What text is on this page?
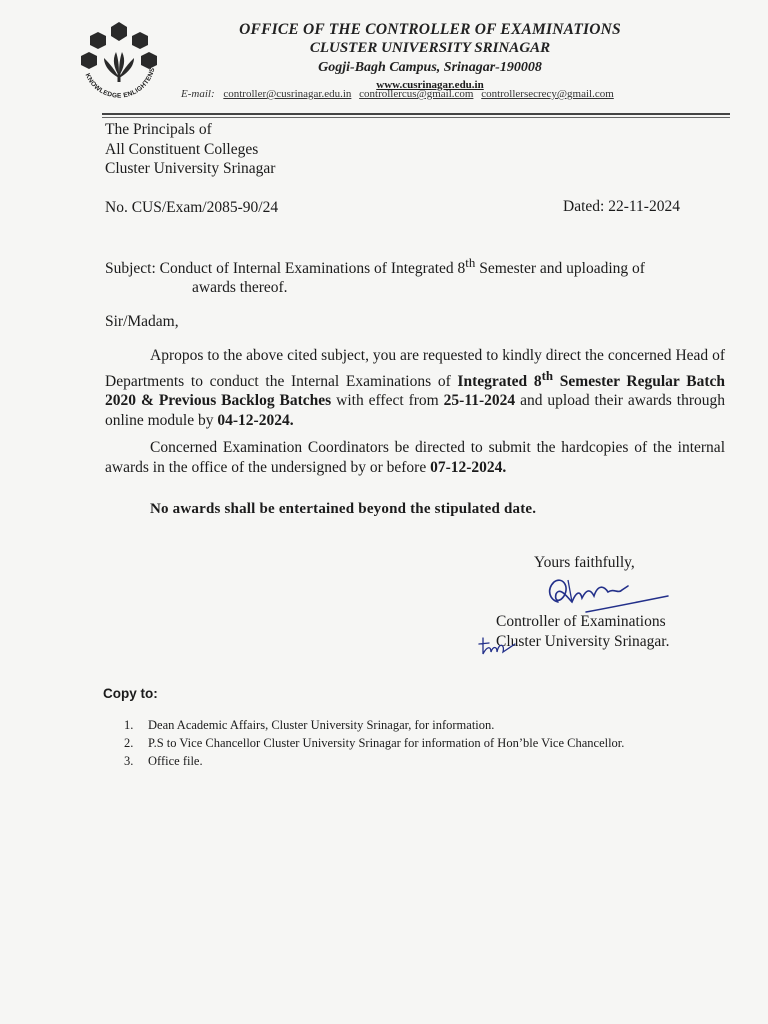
KNOWLEDGE ENLIGHTENS
OFFICE OF THE CONTROLLER OF EXAMINATIONS
CLUSTER UNIVERSITY SRINAGAR
Gogji-Bagh Campus, Srinagar-190008
www.cusrinagar.edu.in
E-mail: controller@cusrinagar.edu.in controllercus@gmail.com controllersecrecy@gmail.com
The Principals of
All Constituent Colleges
Cluster University Srinagar
No. CUS/Exam/2085-90/24	Dated: 22-11-2024
Subject: Conduct of Internal Examinations of Integrated 8th Semester and uploading of
awards thereof.
Sir/Madam,
Apropos to the above cited subject, you are requested to kindly direct the concerned Head of Departments to conduct the Internal Examinations of Integrated 8th Semester Regular Batch 2020 & Previous Backlog Batches with effect from 25-11-2024 and upload their awards through online module by 04-12-2024.
Concerned Examination Coordinators be directed to submit the hardcopies of the internal awards in the office of the undersigned by or before 07-12-2024.
No awards shall be entertained beyond the stipulated date.
Yours faithfully,
Controller of Examinations
Cluster University Srinagar.
Copy to:
1.	Dean Academic Affairs, Cluster University Srinagar, for information.
2.	P.S to Vice Chancellor Cluster University Srinagar for information of Hon’ble Vice Chancellor.
3.	Office file.
